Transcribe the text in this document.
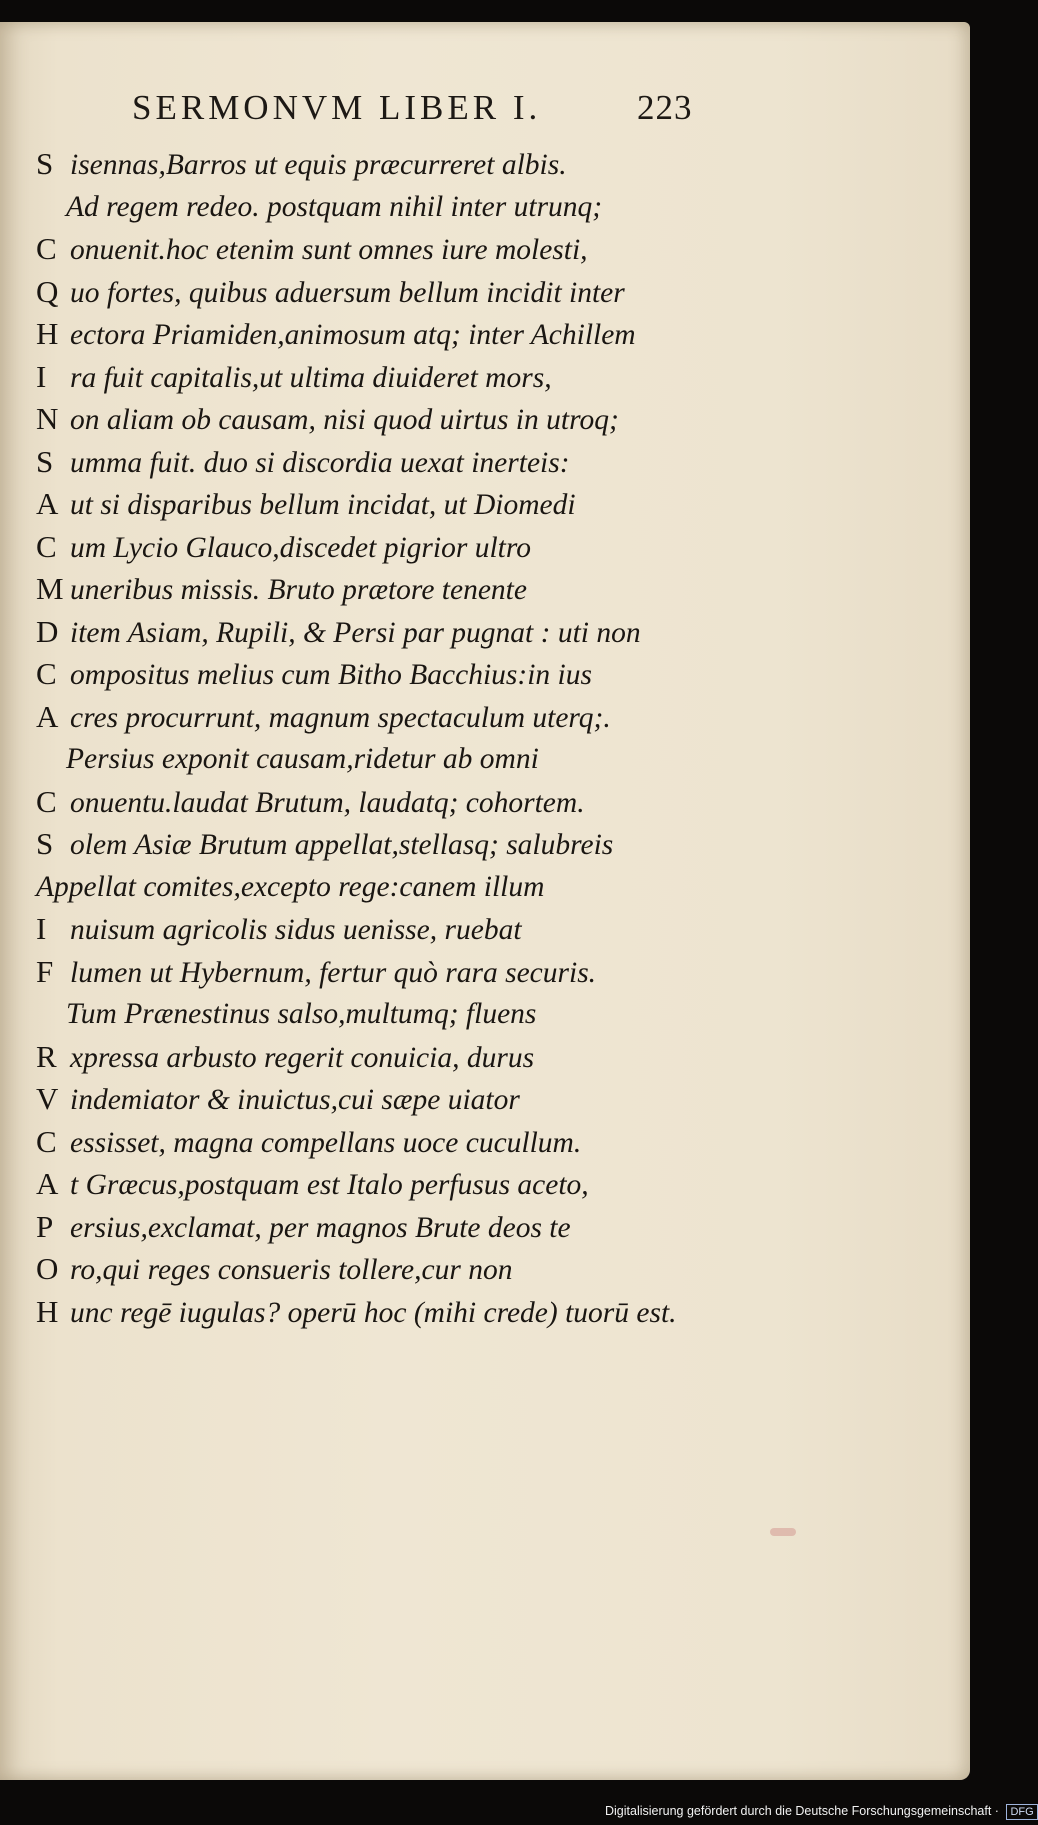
SERMONVM LIBER I.	223
S isennas,Barros ut equis præcurreret albis.
Ad regem redeo. postquam nihil inter utrunq;
C onuenit.hoc etenim sunt omnes iure molesti,
Q uo fortes, quibus aduersum bellum incidit inter
H ectora Priamiden,animosum atq; inter Achillem
I ra fuit capitalis,ut ultima diuideret mors,
N on aliam ob causam, nisi quod uirtus in utroq;
S umma fuit. duo si discordia uexat inerteis:
A ut si disparibus bellum incidat, ut Diomedi
C um Lycio Glauco,discedet pigrior ultro
M uneribus missis. Bruto prætore tenente
D item Asiam, Rupili, & Persi par pugnat : uti non
C ompositus melius cum Bitho Bacchius:in ius
A cres procurrunt, magnum spectaculum uterq;.
Persius exponit causam,ridetur ab omni
C onuentu.laudat Brutum, laudatq; cohortem.
S olem Asiæ Brutum appellat,stellasq; salubreis
Appellat comites,excepto rege:canem illum
I nuisum agricolis sidus uenisse, ruebat
F lumen ut Hybernum, fertur quò rara securis.
Tum Prænestinus salso,multumq; fluens
R xpressa arbusto regerit conuicia, durus
V indemiator & inuictus,cui sæpe uiator
C essisset, magna compellans uoce cucullum.
A t Græcus,postquam est Italo perfusus aceto,
P ersius,exclamat, per magnos Brute deos te
O ro,qui reges consueris tollere,cur non
H unc regē iugulas? operū hoc (mihi crede) tuorū est.
Digitalisierung gefördert durch die Deutsche Forschungsgemeinschaft · DFG
